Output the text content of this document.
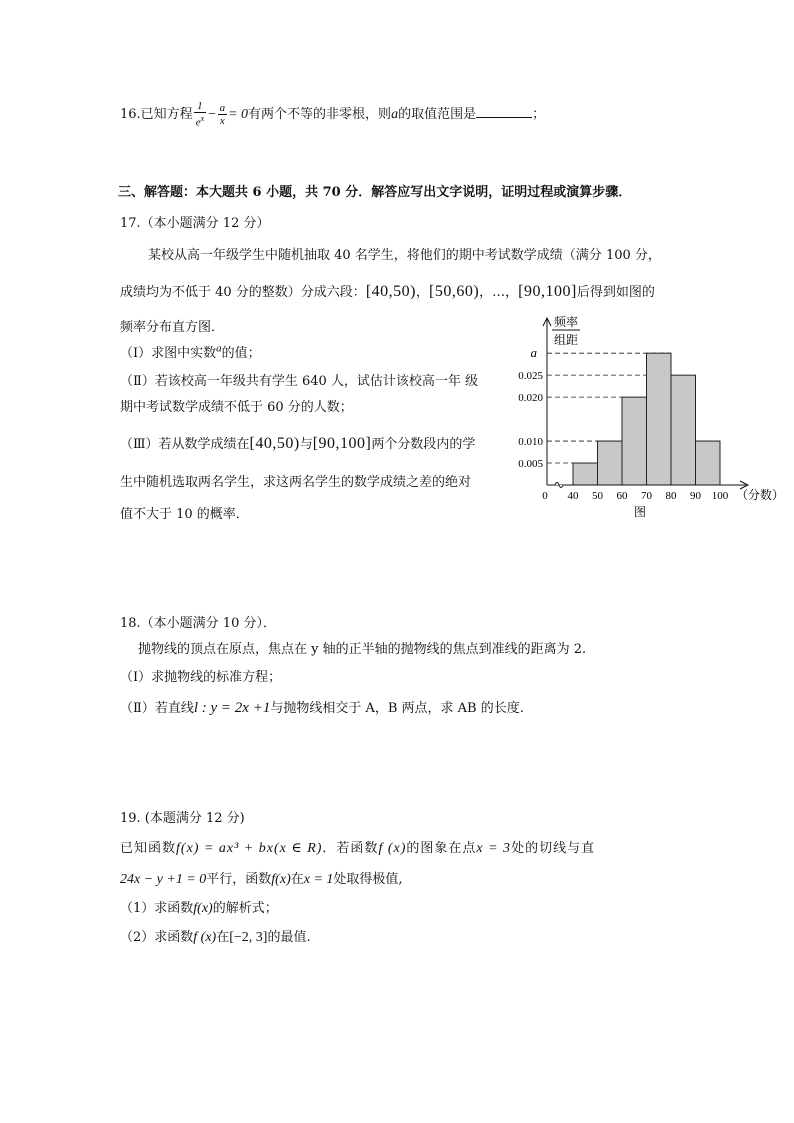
16.已知方程 $\frac{1}{e^x} - \frac{a}{x} = 0$有两个不等的非零根，则a的取值范围是	；
三、解答题：本大题共 6 小题，共 70 分．解答应写出文字说明，证明过程或演算步骤．
17.（本小题满分 12 分）
某校从高一年级学生中随机抽取 40 名学生，将他们的期中考试数学成绩（满分 100 分，
成绩均为不低于 40 分的整数）分成六段：[40,50)，[50,60)，…，[90,100]后得到如图的
频率分布直方图．
（Ⅰ）求图中实数$^a$的值；
（Ⅱ）若该校高一年级共有学生 640 人，试估计该校高一年 级
期中考试数学成绩不低于 60 分的人数；
（Ⅲ）若从数学成绩在[40,50)与[90,100]两个分数段内的学
生中随机选取两名学生，求这两名学生的数学成绩之差的绝对
值不大于 10 的概率．
频率
组距
0 40 50 60 70 80 90 100
a
0.025
0.020
0.010
0.005
（分数）
图
18.（本小题满分 10 分）．
抛物线的顶点在原点，焦点在 y 轴的正半轴的抛物线的焦点到准线的距离为 2.
（Ⅰ）求抛物线的标准方程；
（Ⅱ）若直线l : y = 2x +1与抛物线相交于 A，B 两点，求 AB 的长度.
19. (本题满分 12 分)
已知函数f(x) = ax³ + bx(x ∈ R)．若函数f (x)的图象在点x = 3处的切线与直
24x − y +1 = 0平行，函数f(x)在x = 1处取得极值,
（1）求函数f(x)的解析式；
（2）求函数f (x)在[−2, 3]的最值.
